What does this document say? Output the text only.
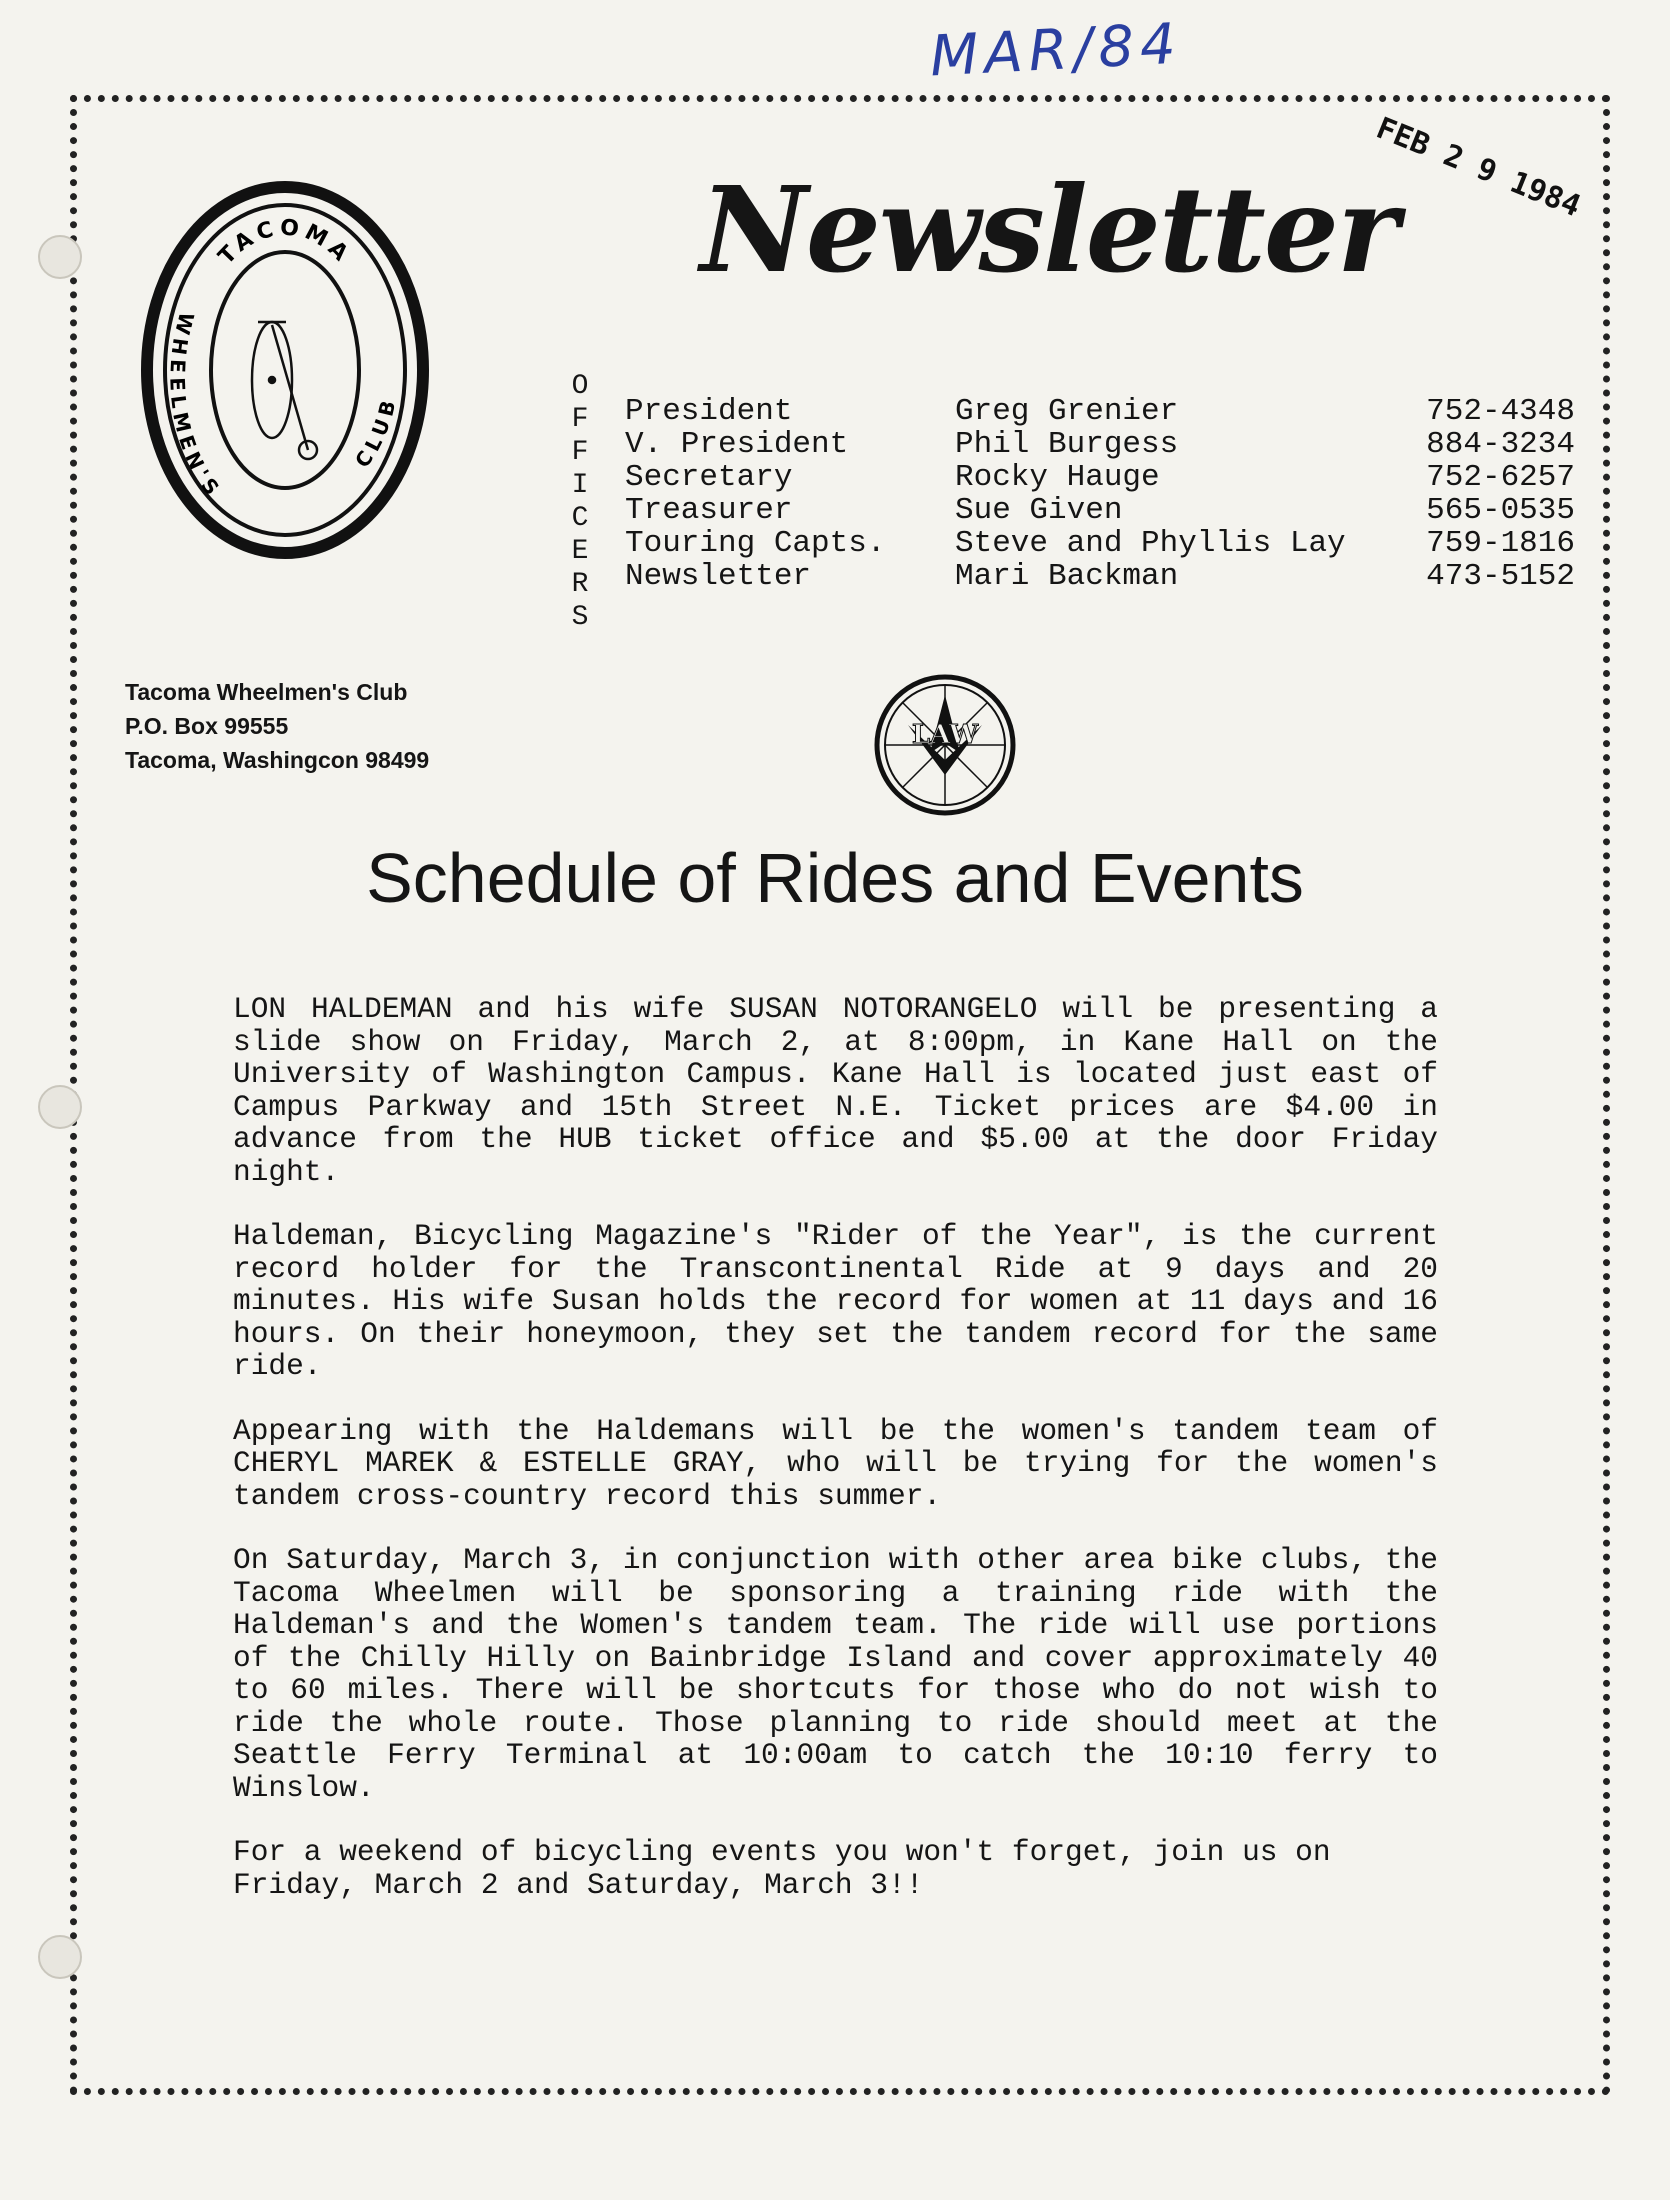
MAR/84
FEB 2 9 1984
TACOMA
WHEELMEN'S
CLUB
Tacoma Wheelmen's Club
P.O. Box 99555
Tacoma, Washingcon 98499
Newsletter
O
F
F
I
C
E
R
S
President	Greg Grenier	752-4348
V. President	Phil Burgess	884-3234
Secretary	Rocky Hauge	752-6257
Treasurer	Sue Given	565-0535
Touring Capts.	Steve and Phyllis Lay	759-1816
Newsletter	Mari Backman	473-5152
LAW
Schedule of Rides and Events

LON HALDEMAN and his wife SUSAN NOTORANGELO will be presenting a slide show on Friday, March 2, at 8:00pm, in Kane Hall on the University of Washington Campus. Kane Hall is located just east of Campus Parkway and 15th Street N.E. Ticket prices are $4.00 in advance from the HUB ticket office and $5.00 at the door Friday night.

Haldeman, Bicycling Magazine's "Rider of the Year", is the current record holder for the Transcontinental Ride at 9 days and 20 minutes. His wife Susan holds the record for women at 11 days and 16 hours. On their honeymoon, they set the tandem record for the same ride.

Appearing with the Haldemans will be the women's tandem team of CHERYL MAREK & ESTELLE GRAY, who will be trying for the women's tandem cross-country record this summer.

On Saturday, March 3, in conjunction with other area bike clubs, the Tacoma Wheelmen will be sponsoring a training ride with the Haldeman's and the Women's tandem team. The ride will use portions of the Chilly Hilly on Bainbridge Island and cover approximately 40 to 60 miles. There will be shortcuts for those who do not wish to ride the whole route. Those planning to ride should meet at the Seattle Ferry Terminal at 10:00am to catch the 10:10 ferry to Winslow.

For a weekend of bicycling events you won't forget, join us on Friday, March 2 and Saturday, March 3!!
